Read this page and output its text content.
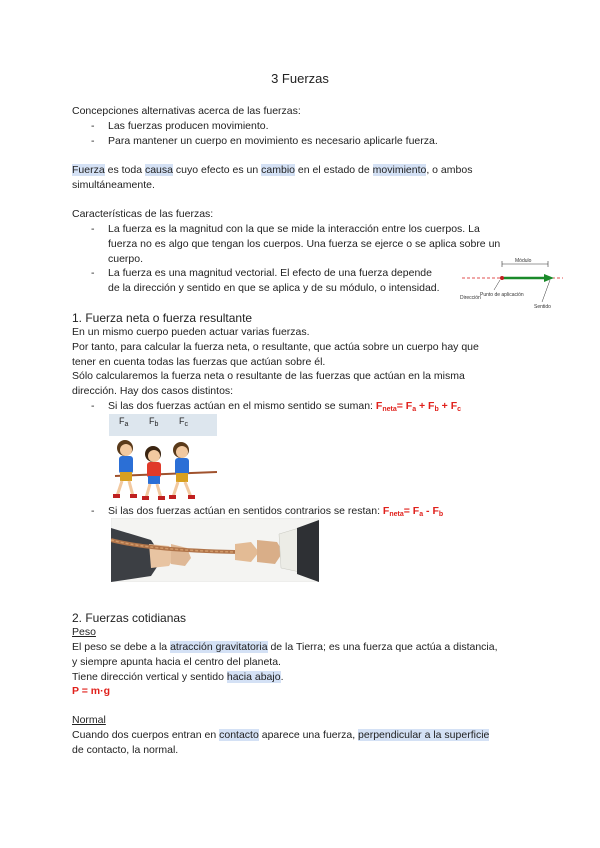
3 Fuerzas
Concepciones alternativas acerca de las fuerzas:
- Las fuerzas producen movimiento.
- Para mantener un cuerpo en movimiento es necesario aplicarle fuerza.
Fuerza es toda causa cuyo efecto es un cambio en el estado de movimiento, o ambos
simultáneamente.
Características de las fuerzas:
- La fuerza es la magnitud con la que se mide la interacción entre los cuerpos. La
fuerza no es algo que tengan los cuerpos. Una fuerza se ejerce o se aplica sobre un
cuerpo.
- La fuerza es una magnitud vectorial. El efecto de una fuerza depende
de la dirección y sentido en que se aplica y de su módulo, o intensidad.
Módulo
Punto de aplicación
Dirección
Sentido
1. Fuerza neta o fuerza resultante
En un mismo cuerpo pueden actuar varias fuerzas.
Por tanto, para calcular la fuerza neta, o resultante, que actúa sobre un cuerpo hay que
tener en cuenta todas las fuerzas que actúan sobre él.
Sólo calcularemos la fuerza neta o resultante de las fuerzas que actúan en la misma
dirección. Hay dos casos distintos:
- Si las dos fuerzas actúan en el mismo sentido se suman: $F_{neta}= F_a + F_b + F_c$
$F_a$ $F_b$ $F_c$
- Si las dos fuerzas actúan en sentidos contrarios se restan: $F_{neta}= F_a - F_b$
2. Fuerzas cotidianas
Peso
El peso se debe a la atracción gravitatoria de la Tierra; es una fuerza que actúa a distancia,
y siempre apunta hacia el centro del planeta.
Tiene dirección vertical y sentido hacia abajo.
P = m·g
Normal
Cuando dos cuerpos entran en contacto aparece una fuerza, perpendicular a la superficie
de contacto, la normal.
